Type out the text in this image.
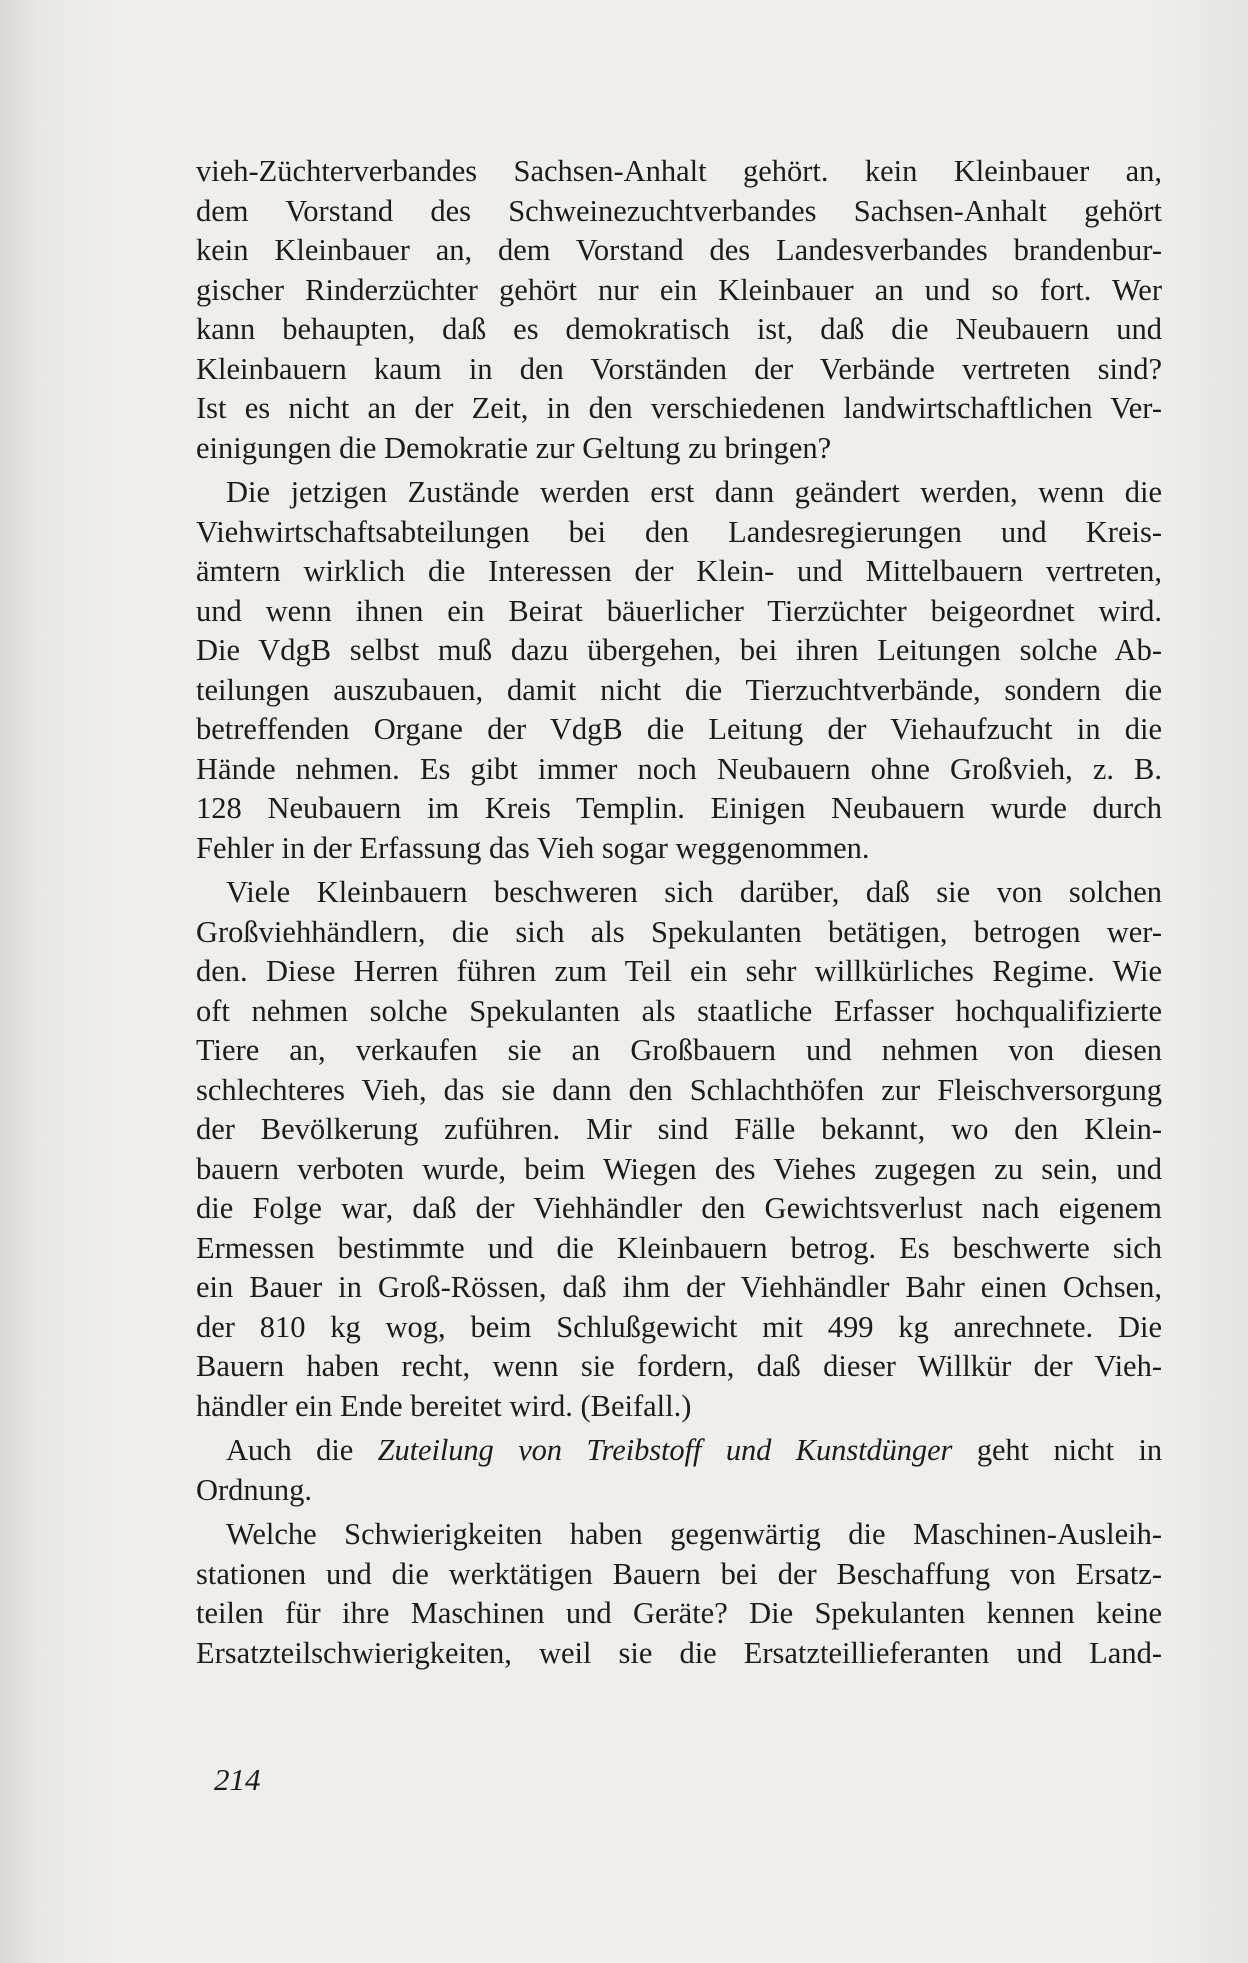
vieh-Züchterverbandes Sachsen-Anhalt gehört. kein Kleinbauer an,
dem Vorstand des Schweinezuchtverbandes Sachsen-Anhalt gehört
kein Kleinbauer an, dem Vorstand des Landesverbandes brandenbur-
gischer Rinderzüchter gehört nur ein Kleinbauer an und so fort. Wer
kann behaupten, daß es demokratisch ist, daß die Neubauern und
Kleinbauern kaum in den Vorständen der Verbände vertreten sind?
Ist es nicht an der Zeit, in den verschiedenen landwirtschaftlichen Ver-
einigungen die Demokratie zur Geltung zu bringen?
Die jetzigen Zustände werden erst dann geändert werden, wenn die
Viehwirtschaftsabteilungen bei den Landesregierungen und Kreis-
ämtern wirklich die Interessen der Klein- und Mittelbauern vertreten,
und wenn ihnen ein Beirat bäuerlicher Tierzüchter beigeordnet wird.
Die VdgB selbst muß dazu übergehen, bei ihren Leitungen solche Ab-
teilungen auszubauen, damit nicht die Tierzuchtverbände, sondern die
betreffenden Organe der VdgB die Leitung der Viehaufzucht in die
Hände nehmen. Es gibt immer noch Neubauern ohne Großvieh, z. B.
128 Neubauern im Kreis Templin. Einigen Neubauern wurde durch
Fehler in der Erfassung das Vieh sogar weggenommen.
Viele Kleinbauern beschweren sich darüber, daß sie von solchen
Großviehhändlern, die sich als Spekulanten betätigen, betrogen wer-
den. Diese Herren führen zum Teil ein sehr willkürliches Regime. Wie
oft nehmen solche Spekulanten als staatliche Erfasser hochqualifizierte
Tiere an, verkaufen sie an Großbauern und nehmen von diesen
schlechteres Vieh, das sie dann den Schlachthöfen zur Fleischversorgung
der Bevölkerung zuführen. Mir sind Fälle bekannt, wo den Klein-
bauern verboten wurde, beim Wiegen des Viehes zugegen zu sein, und
die Folge war, daß der Viehhändler den Gewichtsverlust nach eigenem
Ermessen bestimmte und die Kleinbauern betrog. Es beschwerte sich
ein Bauer in Groß-Rössen, daß ihm der Viehhändler Bahr einen Ochsen,
der 810 kg wog, beim Schlußgewicht mit 499 kg anrechnete. Die
Bauern haben recht, wenn sie fordern, daß dieser Willkür der Vieh-
händler ein Ende bereitet wird. (Beifall.)
Auch die Zuteilung von Treibstoff und Kunstdünger geht nicht in
Ordnung.
Welche Schwierigkeiten haben gegenwärtig die Maschinen-Ausleih-
stationen und die werktätigen Bauern bei der Beschaffung von Ersatz-
teilen für ihre Maschinen und Geräte? Die Spekulanten kennen keine
Ersatzteilschwierigkeiten, weil sie die Ersatzteillieferanten und Land-
214
